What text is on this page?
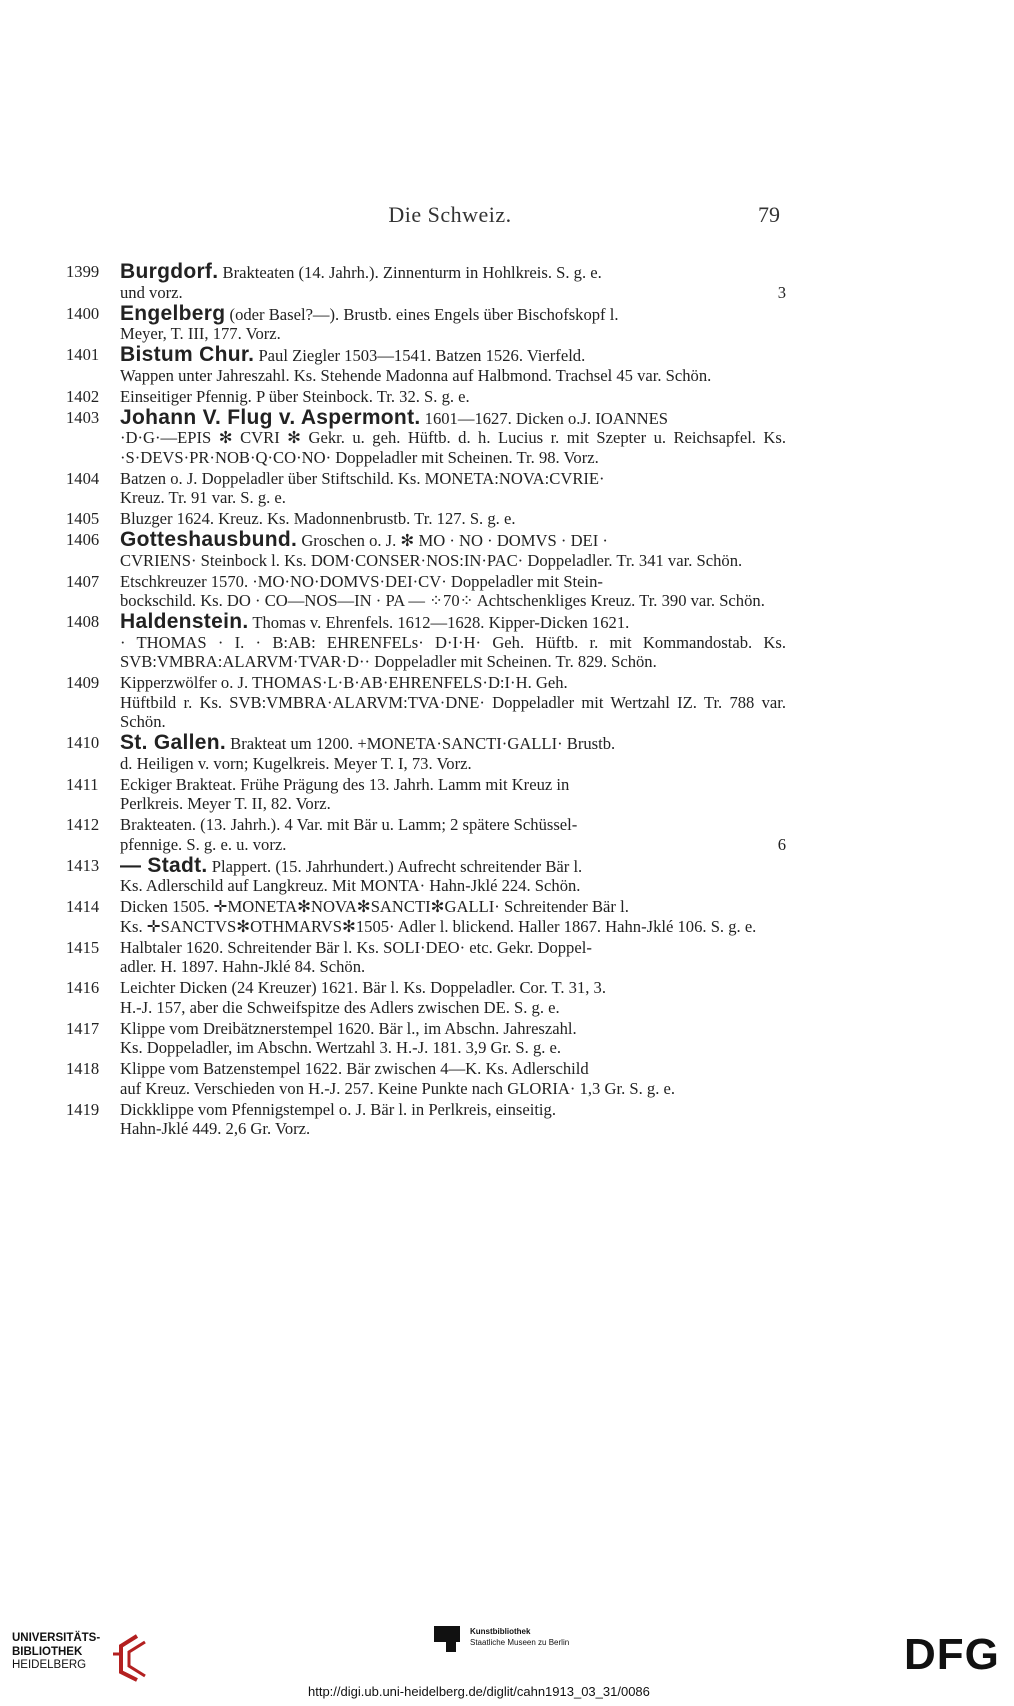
Die Schweiz.	79
1399 Burgdorf. Brakteaten (14. Jahrh.). Zinnenturm in Hohlkreis. S. g. e.
und vorz.	3
1400 Engelberg (oder Basel?—). Brustb. eines Engels über Bischofskopf l.
Meyer, T. III, 177. Vorz.
1401 Bistum Chur. Paul Ziegler 1503—1541. Batzen 1526. Vierfeld.
Wappen unter Jahreszahl. Ks. Stehende Madonna auf Halbmond. Trachsel 45 var. Schön.
1402	Einseitiger Pfennig. P über Steinbock. Tr. 32. S. g. e.
1403 Johann V. Flug v. Aspermont. 1601—1627. Dicken o.J. IOANNES
·D·G·—EPIS ✻ CVRI ✻ Gekr. u. geh. Hüftb. d. h. Lucius r. mit Szepter u. Reichsapfel. Ks. ·S·DEVS·PR·NOB·Q·CO·NO· Doppeladler mit Scheinen. Tr. 98. Vorz.
1404	Batzen o. J. Doppeladler über Stiftschild. Ks. MONETA:NOVA:CVRIE·
Kreuz. Tr. 91 var. S. g. e.
1405	Bluzger 1624. Kreuz. Ks. Madonnenbrustb. Tr. 127. S. g. e.
1406 Gotteshausbund. Groschen o. J. ✻ MO · NO · DOMVS · DEI ·
CVRIENS· Steinbock l. Ks. DOM·CONSER·NOS:IN·PAC· Doppeladler. Tr. 341 var. Schön.
1407	Etschkreuzer 1570. ·MO·NO·DOMVS·DEI·CV· Doppeladler mit Stein-
bockschild. Ks. DO · CO—NOS—IN · PA — ⁘70⁘ Achtschenkliges Kreuz. Tr. 390 var. Schön.
1408 Haldenstein. Thomas v. Ehrenfels. 1612—1628. Kipper-Dicken 1621.
· THOMAS · I. · B:AB: EHRENFELs· D·I·H· Geh. Hüftb. r. mit Kommandostab. Ks. SVB:VMBRA:ALARVM·TVAR·D·· Doppeladler mit Scheinen. Tr. 829. Schön.
1409	Kipperzwölfer o. J. THOMAS·L·B·AB·EHRENFELS·D:I·H. Geh.
Hüftbild r. Ks. SVB:VMBRA·ALARVM:TVA·DNE· Doppeladler mit Wertzahl IZ. Tr. 788 var. Schön.
1410 St. Gallen. Brakteat um 1200. +MONETA·SANCTI·GALLI· Brustb.
d. Heiligen v. vorn; Kugelkreis. Meyer T. I, 73. Vorz.
1411	Eckiger Brakteat. Frühe Prägung des 13. Jahrh. Lamm mit Kreuz in
Perlkreis. Meyer T. II, 82. Vorz.
1412	Brakteaten. (13. Jahrh.). 4 Var. mit Bär u. Lamm; 2 spätere Schüssel-
pfennige. S. g. e. u. vorz.	6
1413 — Stadt. Plappert. (15. Jahrhundert.) Aufrecht schreitender Bär l.
Ks. Adlerschild auf Langkreuz. Mit MONTA· Hahn-Jklé 224. Schön.
1414	Dicken 1505. ✛MONETA✻NOVA✻SANCTI✻GALLI· Schreitender Bär l.
Ks. ✛SANCTVS✻OTHMARVS✻1505· Adler l. blickend. Haller 1867. Hahn-Jklé 106. S. g. e.
1415	Halbtaler 1620. Schreitender Bär l. Ks. SOLI·DEO· etc. Gekr. Doppel-
adler. H. 1897. Hahn-Jklé 84. Schön.
1416	Leichter Dicken (24 Kreuzer) 1621. Bär l. Ks. Doppeladler. Cor. T. 31, 3.
H.-J. 157, aber die Schweifspitze des Adlers zwischen DE. S. g. e.
1417	Klippe vom Dreibätznerstempel 1620. Bär l., im Abschn. Jahreszahl.
Ks. Doppeladler, im Abschn. Wertzahl 3. H.-J. 181. 3,9 Gr. S. g. e.
1418	Klippe vom Batzenstempel 1622. Bär zwischen 4—K. Ks. Adlerschild
auf Kreuz. Verschieden von H.-J. 257. Keine Punkte nach GLORIA· 1,3 Gr. S. g. e.
1419	Dickklippe vom Pfennigstempel o. J. Bär l. in Perlkreis, einseitig.
Hahn-Jklé 449. 2,6 Gr. Vorz.
UNIVERSITÄTS-
BIBLIOTHEK
HEIDELBERG
Kunstbibliothek
Staatliche Museen zu Berlin	DFG
http://digi.ub.uni-heidelberg.de/diglit/cahn1913_03_31/0086
